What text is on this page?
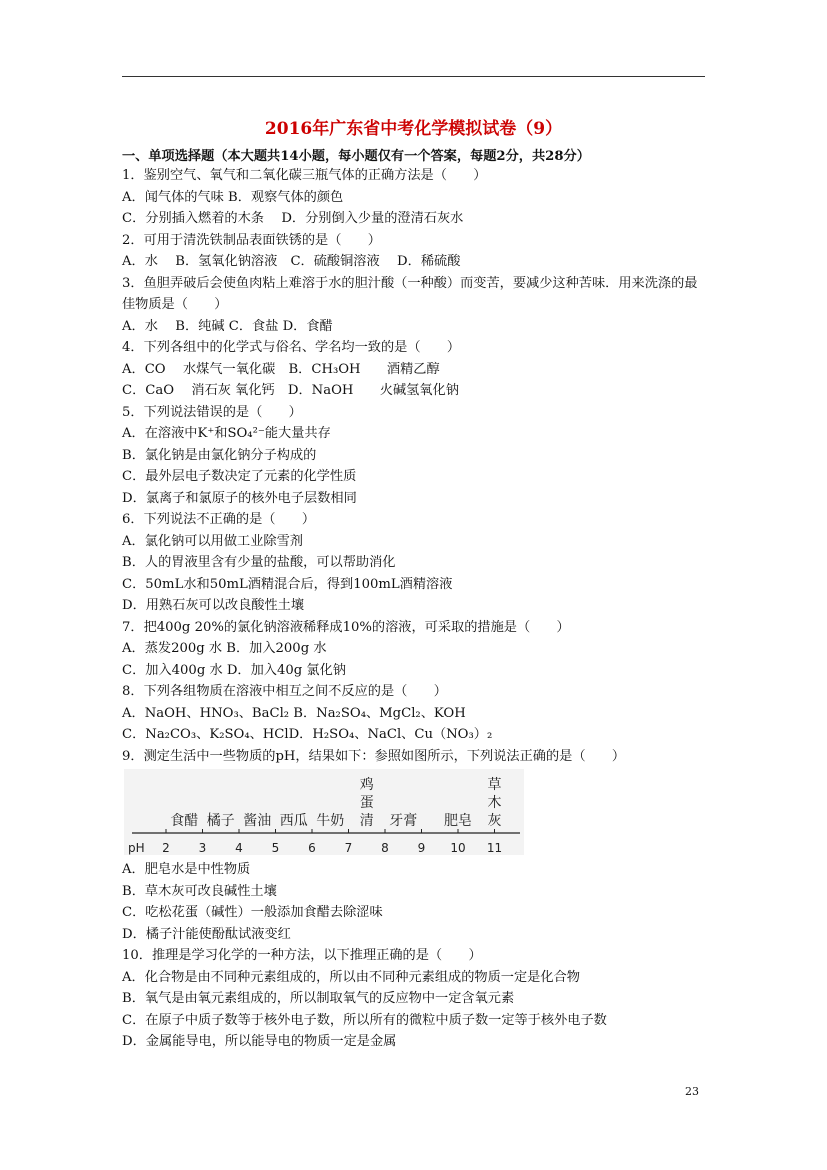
2016年广东省中考化学模拟试卷（9）
一、单项选择题（本大题共14小题，每小题仅有一个答案，每题2分，共28分）
1．鉴别空气、氧气和二氧化碳三瓶气体的正确方法是（　　）
A．闻气体的气味 B．观察气体的颜色
C．分别插入燃着的木条　 D．分别倒入少量的澄清石灰水
2．可用于清洗铁制品表面铁锈的是（　　）
A．水　 B．氢氧化钠溶液　C．硫酸铜溶液　 D．稀硫酸
3．鱼胆弄破后会使鱼肉粘上难溶于水的胆汁酸（一种酸）而变苦，要减少这种苦味．用来洗涤的最佳物质是（　　）
A．水　 B．纯碱 C．食盐 D．食醋
4．下列各组中的化学式与俗名、学名均一致的是（　　）
A．CO　 水煤气一氧化碳　B．CH₃OH　　酒精乙醇
C．CaO　 消石灰 氧化钙　D．NaOH　　火碱氢氧化钠
5．下列说法错误的是（　　）
A．在溶液中K⁺和SO₄²⁻能大量共存
B．氯化钠是由氯化钠分子构成的
C．最外层电子数决定了元素的化学性质
D．氯离子和氯原子的核外电子层数相同
6．下列说法不正确的是（　　）
A．氯化钠可以用做工业除雪剂
B．人的胃液里含有少量的盐酸，可以帮助消化
C．50mL水和50mL酒精混合后，得到100mL酒精溶液
D．用熟石灰可以改良酸性土壤
7．把400g 20%的氯化钠溶液稀释成10%的溶液，可采取的措施是（　　）
A．蒸发200g 水 B．加入200g 水
C．加入400g 水 D．加入40g 氯化钠
8．下列各组物质在溶液中相互之间不反应的是（　　）
A．NaOH、HNO₃、BaCl₂ B．Na₂SO₄、MgCl₂、KOH
C．Na₂CO₃、K₂SO₄、HClD．H₂SO₄、NaCl、Cu（NO₃）₂
9．测定生活中一些物质的pH，结果如下：参照如图所示，下列说法正确的是（　　）
pH 2 3 4 5 6 7 8 9 10 11
食醋 橘子 酱油 西瓜 牛奶
鸡
蛋
清 牙膏 肥皂
草
木
灰
A．肥皂水是中性物质
B．草木灰可改良碱性土壤
C．吃松花蛋（碱性）一般添加食醋去除涩味
D．橘子汁能使酚酞试液变红
10．推理是学习化学的一种方法，以下推理正确的是（　　）
A．化合物是由不同种元素组成的，所以由不同种元素组成的物质一定是化合物
B．氧气是由氧元素组成的，所以制取氧气的反应物中一定含氧元素
C．在原子中质子数等于核外电子数，所以所有的微粒中质子数一定等于核外电子数
D．金属能导电，所以能导电的物质一定是金属
23
